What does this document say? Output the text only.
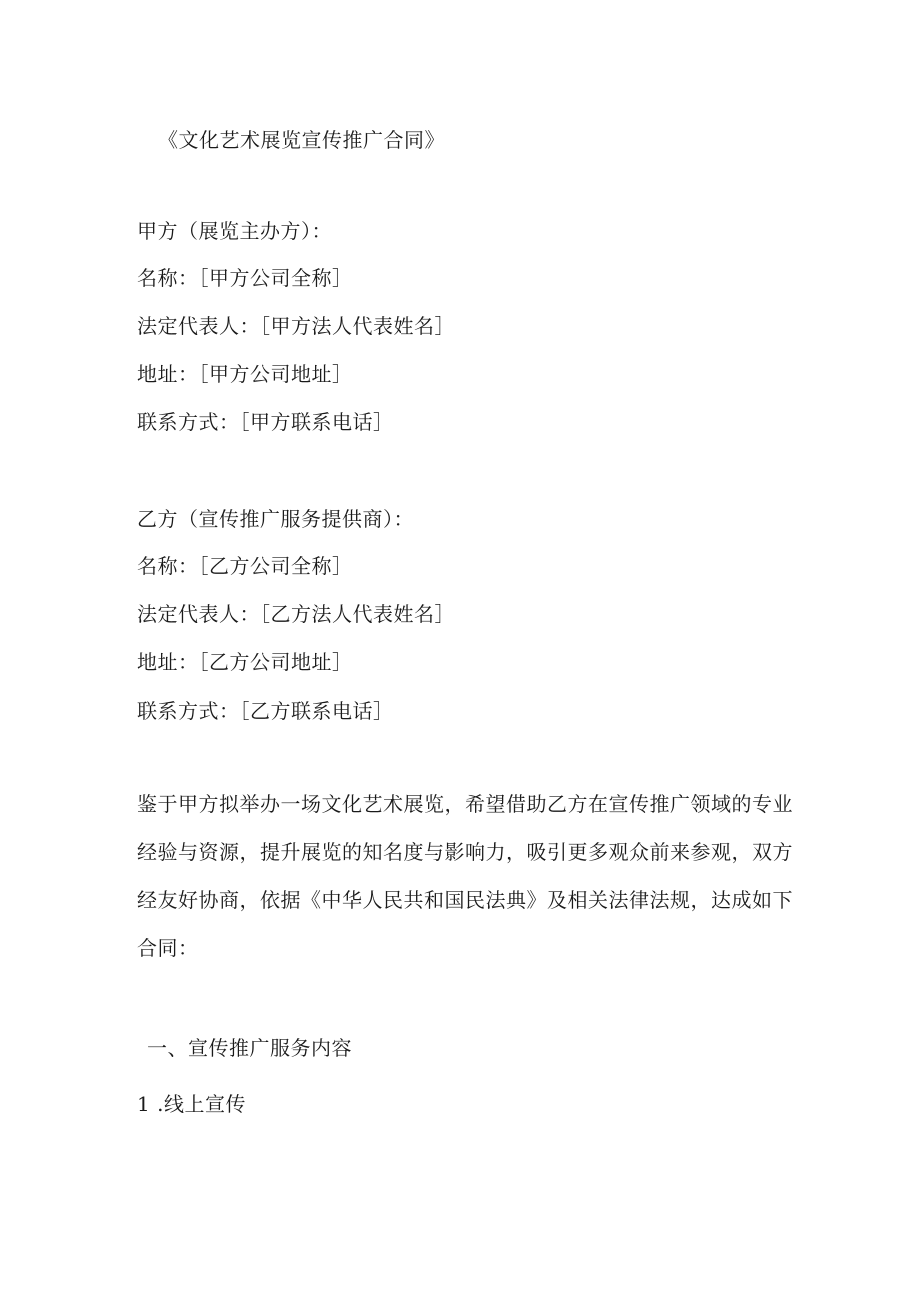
《文化艺术展览宣传推广合同》
甲方（展览主办方）：
名称：［甲方公司全称］
法定代表人：［甲方法人代表姓名］
地址：［甲方公司地址］
联系方式：［甲方联系电话］
乙方（宣传推广服务提供商）：
名称：［乙方公司全称］
法定代表人：［乙方法人代表姓名］
地址：［乙方公司地址］
联系方式：［乙方联系电话］
鉴于甲方拟举办一场文化艺术展览，希望借助乙方在宣传推广领域的专业
经验与资源，提升展览的知名度与影响力，吸引更多观众前来参观，双方
经友好协商，依据《中华人民共和国民法典》及相关法律法规，达成如下
合同：
一、宣传推广服务内容
1 .线上宣传
